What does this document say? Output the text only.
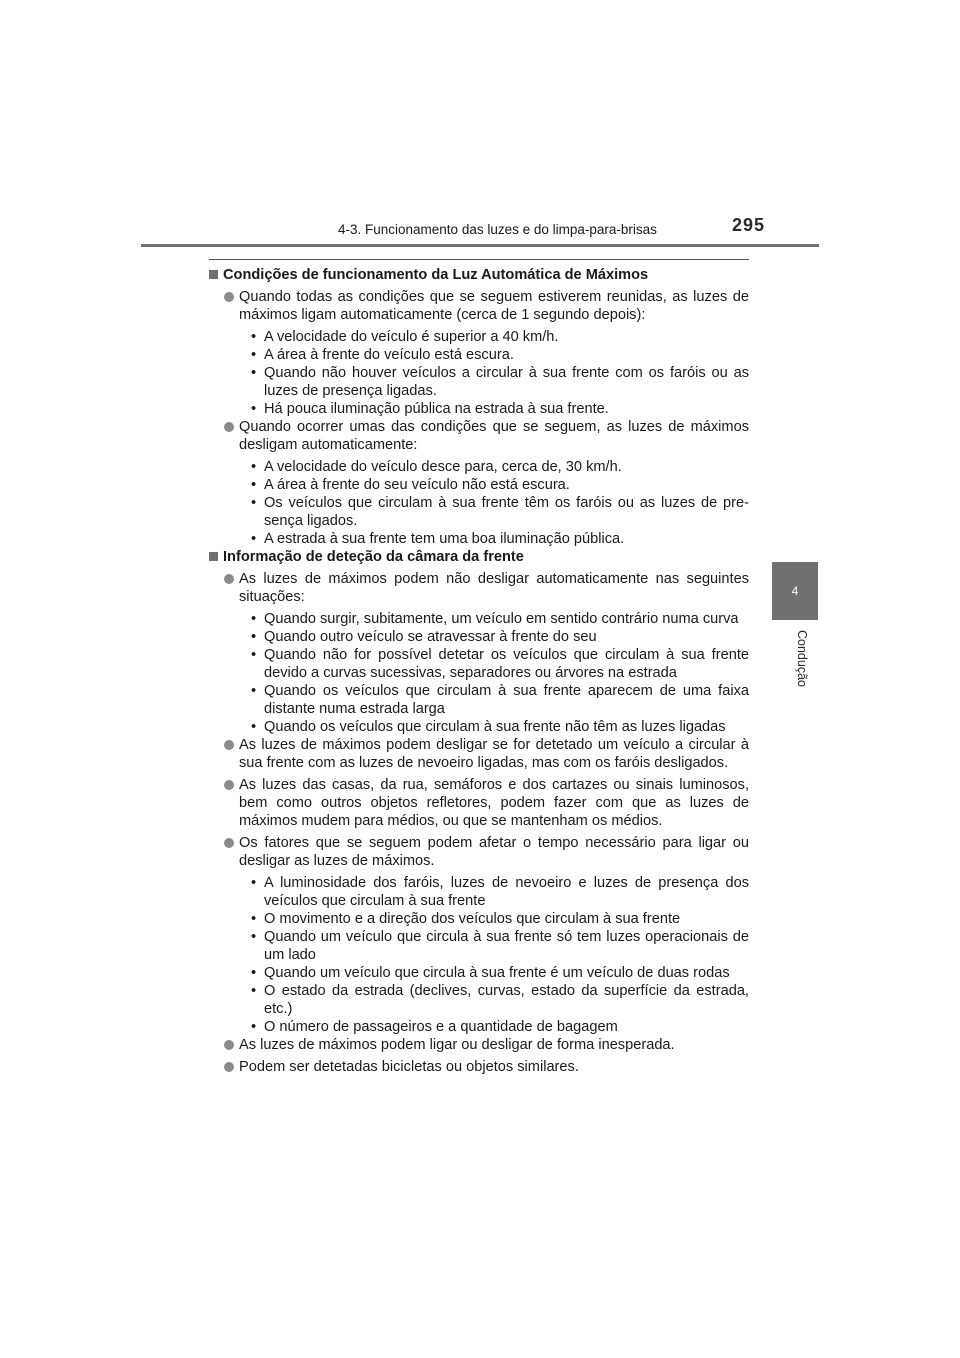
4-3. Funcionamento das luzes e do limpa-para-brisas	295
4
Condução
Condições de funcionamento da Luz Automática de Máximos
Quando todas as condições que se seguem estiverem reunidas, as luzes de máximos ligam automaticamente (cerca de 1 segundo depois):
• A velocidade do veículo é superior a 40 km/h.
• A área à frente do veículo está escura.
• Quando não houver veículos a circular à sua frente com os faróis ou as luzes de presença ligadas.
• Há pouca iluminação pública na estrada à sua frente.
Quando ocorrer umas das condições que se seguem, as luzes de máximos desligam automaticamente:
• A velocidade do veículo desce para, cerca de, 30 km/h.
• A área à frente do seu veículo não está escura.
• Os veículos que circulam à sua frente têm os faróis ou as luzes de pre-sença ligados.
• A estrada à sua frente tem uma boa iluminação pública.
Informação de deteção da câmara da frente
As luzes de máximos podem não desligar automaticamente nas seguintes situações:
• Quando surgir, subitamente, um veículo em sentido contrário numa curva
• Quando outro veículo se atravessar à frente do seu
• Quando não for possível detetar os veículos que circulam à sua frente devido a curvas sucessivas, separadores ou árvores na estrada
• Quando os veículos que circulam à sua frente aparecem de uma faixa distante numa estrada larga
• Quando os veículos que circulam à sua frente não têm as luzes ligadas
As luzes de máximos podem desligar se for detetado um veículo a circular à sua frente com as luzes de nevoeiro ligadas, mas com os faróis desligados.
As luzes das casas, da rua, semáforos e dos cartazes ou sinais luminosos, bem como outros objetos refletores, podem fazer com que as luzes de máximos mudem para médios, ou que se mantenham os médios.
Os fatores que se seguem podem afetar o tempo necessário para ligar ou desligar as luzes de máximos.
• A luminosidade dos faróis, luzes de nevoeiro e luzes de presença dos veículos que circulam à sua frente
• O movimento e a direção dos veículos que circulam à sua frente
• Quando um veículo que circula à sua frente só tem luzes operacionais de um lado
• Quando um veículo que circula à sua frente é um veículo de duas rodas
• O estado da estrada (declives, curvas, estado da superfície da estrada, etc.)
• O número de passageiros e a quantidade de bagagem
As luzes de máximos podem ligar ou desligar de forma inesperada.
Podem ser detetadas bicicletas ou objetos similares.
